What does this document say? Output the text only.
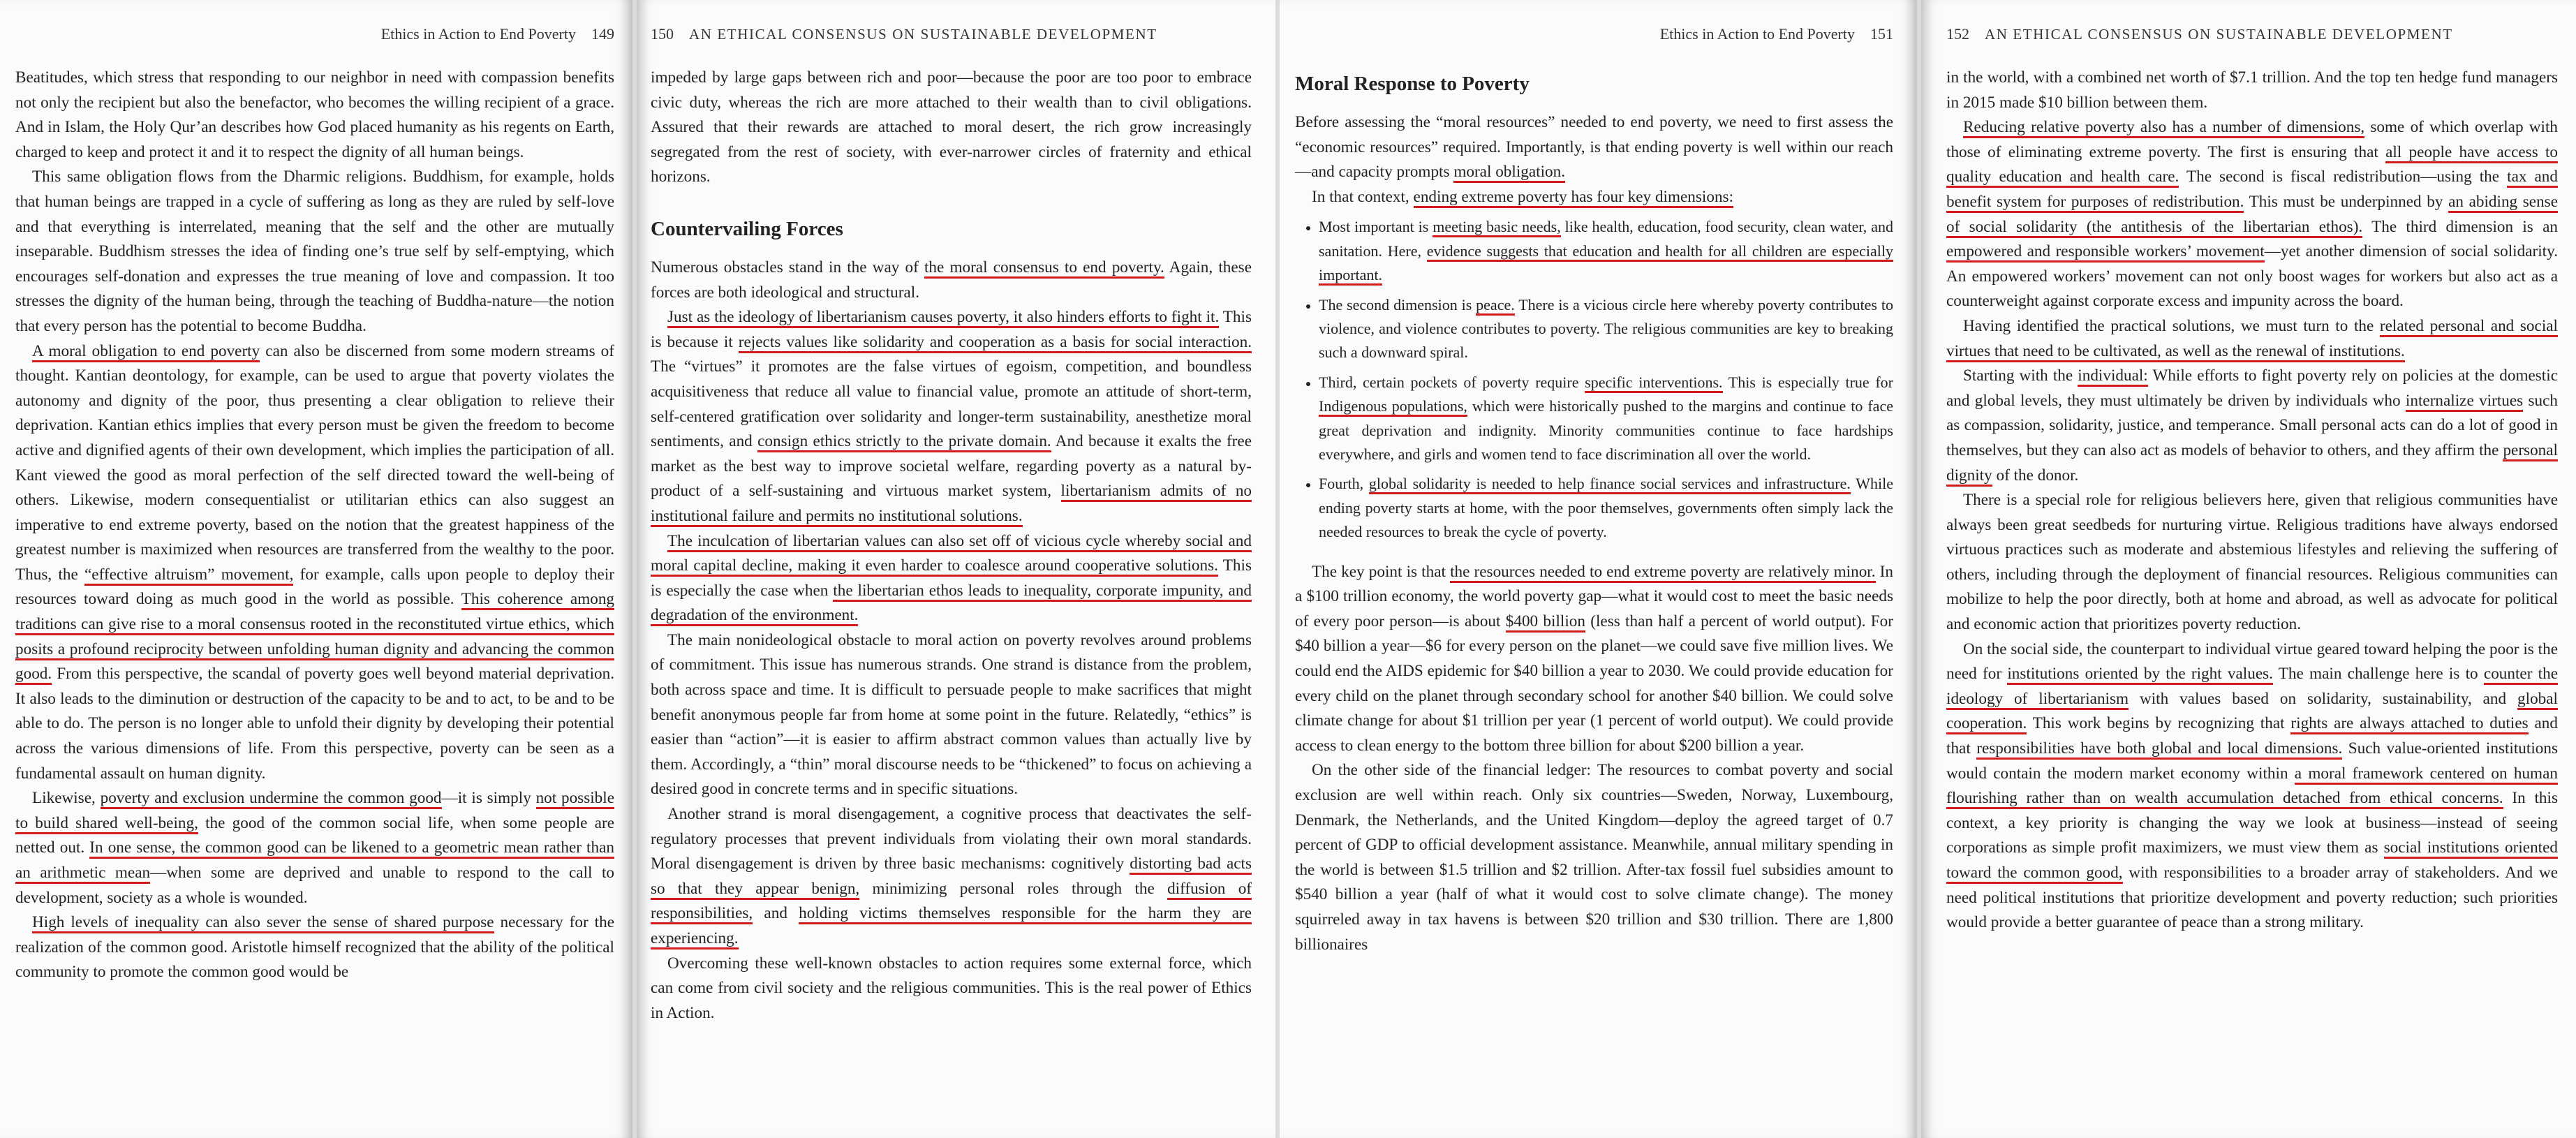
Ethics in Action to End Poverty 149

Beatitudes, which stress that responding to our neighbor in need with compassion benefits not only the recipient but also the benefactor, who becomes the willing recipient of a grace. And in Islam, the Holy Qur’an describes how God placed humanity as his regents on Earth, charged to keep and protect it and it to respect the dignity of all human beings.

This same obligation flows from the Dharmic religions. Buddhism, for example, holds that human beings are trapped in a cycle of suffering as long as they are ruled by self-love and that everything is interrelated, meaning that the self and the other are mutually inseparable. Buddhism stresses the idea of finding one’s true self by self-emptying, which encourages self-donation and expresses the true meaning of love and compassion. It too stresses the dignity of the human being, through the teaching of Buddha-nature—the notion that every person has the potential to become Buddha.

A moral obligation to end poverty can also be discerned from some modern streams of thought. Kantian deontology, for example, can be used to argue that poverty violates the autonomy and dignity of the poor, thus presenting a clear obligation to relieve their deprivation. Kantian ethics implies that every person must be given the freedom to become active and dignified agents of their own development, which implies the participation of all. Kant viewed the good as moral perfection of the self directed toward the well-being of others. Likewise, modern consequentialist or utilitarian ethics can also suggest an imperative to end extreme poverty, based on the notion that the greatest happiness of the greatest number is maximized when resources are transferred from the wealthy to the poor. Thus, the “effective altruism” movement, for example, calls upon people to deploy their resources toward doing as much good in the world as possible. This coherence among traditions can give rise to a moral consensus rooted in the reconstituted virtue ethics, which posits a profound reciprocity between unfolding human dignity and advancing the common good. From this perspective, the scandal of poverty goes well beyond material deprivation. It also leads to the diminution or destruction of the capacity to be and to act, to be and to be able to do. The person is no longer able to unfold their dignity by developing their potential across the various dimensions of life. From this perspective, poverty can be seen as a fundamental assault on human dignity.

Likewise, poverty and exclusion undermine the common good—it is simply not possible to build shared well-being, the good of the common social life, when some people are netted out. In one sense, the common good can be likened to a geometric mean rather than an arithmetic mean—when some are deprived and unable to respond to the call to development, society as a whole is wounded.

High levels of inequality can also sever the sense of shared purpose necessary for the realization of the common good. Aristotle himself recognized that the ability of the political community to promote the common good would be

150 AN ETHICAL CONSENSUS ON SUSTAINABLE DEVELOPMENT

impeded by large gaps between rich and poor—because the poor are too poor to embrace civic duty, whereas the rich are more attached to their wealth than to civil obligations. Assured that their rewards are attached to moral desert, the rich grow increasingly segregated from the rest of society, with ever-narrower circles of fraternity and ethical horizons.

Countervailing Forces

Numerous obstacles stand in the way of the moral consensus to end poverty. Again, these forces are both ideological and structural.

Just as the ideology of libertarianism causes poverty, it also hinders efforts to fight it. This is because it rejects values like solidarity and cooperation as a basis for social interaction. The “virtues” it promotes are the false virtues of egoism, competition, and boundless acquisitiveness that reduce all value to financial value, promote an attitude of short-term, self-centered gratification over solidarity and longer-term sustainability, anesthetize moral sentiments, and consign ethics strictly to the private domain. And because it exalts the free market as the best way to improve societal welfare, regarding poverty as a natural by-product of a self-sustaining and virtuous market system, libertarianism admits of no institutional failure and permits no institutional solutions.

The inculcation of libertarian values can also set off of vicious cycle whereby social and moral capital decline, making it even harder to coalesce around cooperative solutions. This is especially the case when the libertarian ethos leads to inequality, corporate impunity, and degradation of the environment.

The main nonideological obstacle to moral action on poverty revolves around problems of commitment. This issue has numerous strands. One strand is distance from the problem, both across space and time. It is difficult to persuade people to make sacrifices that might benefit anonymous people far from home at some point in the future. Relatedly, “ethics” is easier than “action”—it is easier to affirm abstract common values than actually live by them. Accordingly, a “thin” moral discourse needs to be “thickened” to focus on achieving a desired good in concrete terms and in specific situations.

Another strand is moral disengagement, a cognitive process that deactivates the self-regulatory processes that prevent individuals from violating their own moral standards. Moral disengagement is driven by three basic mechanisms: cognitively distorting bad acts so that they appear benign, minimizing personal roles through the diffusion of responsibilities, and holding victims themselves responsible for the harm they are experiencing.

Overcoming these well-known obstacles to action requires some external force, which can come from civil society and the religious communities. This is the real power of Ethics in Action.

Ethics in Action to End Poverty 151
Moral Response to Poverty

Before assessing the “moral resources” needed to end poverty, we need to first assess the “economic resources” required. Importantly, is that ending poverty is well within our reach—and capacity prompts moral obligation.

In that context, ending extreme poverty has four key dimensions:

• Most important is meeting basic needs, like health, education, food security, clean water, and sanitation. Here, evidence suggests that education and health for all children are especially important.
• The second dimension is peace. There is a vicious circle here whereby poverty contributes to violence, and violence contributes to poverty. The religious communities are key to breaking such a downward spiral.
• Third, certain pockets of poverty require specific interventions. This is especially true for Indigenous populations, which were historically pushed to the margins and continue to face great deprivation and indignity. Minority communities continue to face hardships everywhere, and girls and women tend to face discrimination all over the world.
• Fourth, global solidarity is needed to help finance social services and infrastructure. While ending poverty starts at home, with the poor themselves, governments often simply lack the needed resources to break the cycle of poverty.

The key point is that the resources needed to end extreme poverty are relatively minor. In a $100 trillion economy, the world poverty gap—what it would cost to meet the basic needs of every poor person—is about $400 billion (less than half a percent of world output). For $40 billion a year—$6 for every person on the planet—we could save five million lives. We could end the AIDS epidemic for $40 billion a year to 2030. We could provide education for every child on the planet through secondary school for another $40 billion. We could solve climate change for about $1 trillion per year (1 percent of world output). We could provide access to clean energy to the bottom three billion for about $200 billion a year.

On the other side of the financial ledger: The resources to combat poverty and social exclusion are well within reach. Only six countries—Sweden, Norway, Luxembourg, Denmark, the Netherlands, and the United Kingdom—deploy the agreed target of 0.7 percent of GDP to official development assistance. Meanwhile, annual military spending in the world is between $1.5 trillion and $2 trillion. After-tax fossil fuel subsidies amount to $540 billion a year (half of what it would cost to solve climate change). The money squirreled away in tax havens is between $20 trillion and $30 trillion. There are 1,800 billionaires

152 AN ETHICAL CONSENSUS ON SUSTAINABLE DEVELOPMENT

in the world, with a combined net worth of $7.1 trillion. And the top ten hedge fund managers in 2015 made $10 billion between them.

Reducing relative poverty also has a number of dimensions, some of which overlap with those of eliminating extreme poverty. The first is ensuring that all people have access to quality education and health care. The second is fiscal redistribution—using the tax and benefit system for purposes of redistribution. This must be underpinned by an abiding sense of social solidarity (the antithesis of the libertarian ethos). The third dimension is an empowered and responsible workers’ movement—yet another dimension of social solidarity. An empowered workers’ movement can not only boost wages for workers but also act as a counterweight against corporate excess and impunity across the board.

Having identified the practical solutions, we must turn to the related personal and social virtues that need to be cultivated, as well as the renewal of institutions.

Starting with the individual: While efforts to fight poverty rely on policies at the domestic and global levels, they must ultimately be driven by individuals who internalize virtues such as compassion, solidarity, justice, and temperance. Small personal acts can do a lot of good in themselves, but they can also act as models of behavior to others, and they affirm the personal dignity of the donor.

There is a special role for religious believers here, given that religious communities have always been great seedbeds for nurturing virtue. Religious traditions have always endorsed virtuous practices such as moderate and abstemious lifestyles and relieving the suffering of others, including through the deployment of financial resources. Religious communities can mobilize to help the poor directly, both at home and abroad, as well as advocate for political and economic action that prioritizes poverty reduction.

On the social side, the counterpart to individual virtue geared toward helping the poor is the need for institutions oriented by the right values. The main challenge here is to counter the ideology of libertarianism with values based on solidarity, sustainability, and global cooperation. This work begins by recognizing that rights are always attached to duties and that responsibilities have both global and local dimensions. Such value-oriented institutions would contain the modern market economy within a moral framework centered on human flourishing rather than on wealth accumulation detached from ethical concerns. In this context, a key priority is changing the way we look at business—instead of seeing corporations as simple profit maximizers, we must view them as social institutions oriented toward the common good, with responsibilities to a broader array of stakeholders. And we need political institutions that prioritize development and poverty reduction; such priorities would provide a better guarantee of peace than a strong military.
